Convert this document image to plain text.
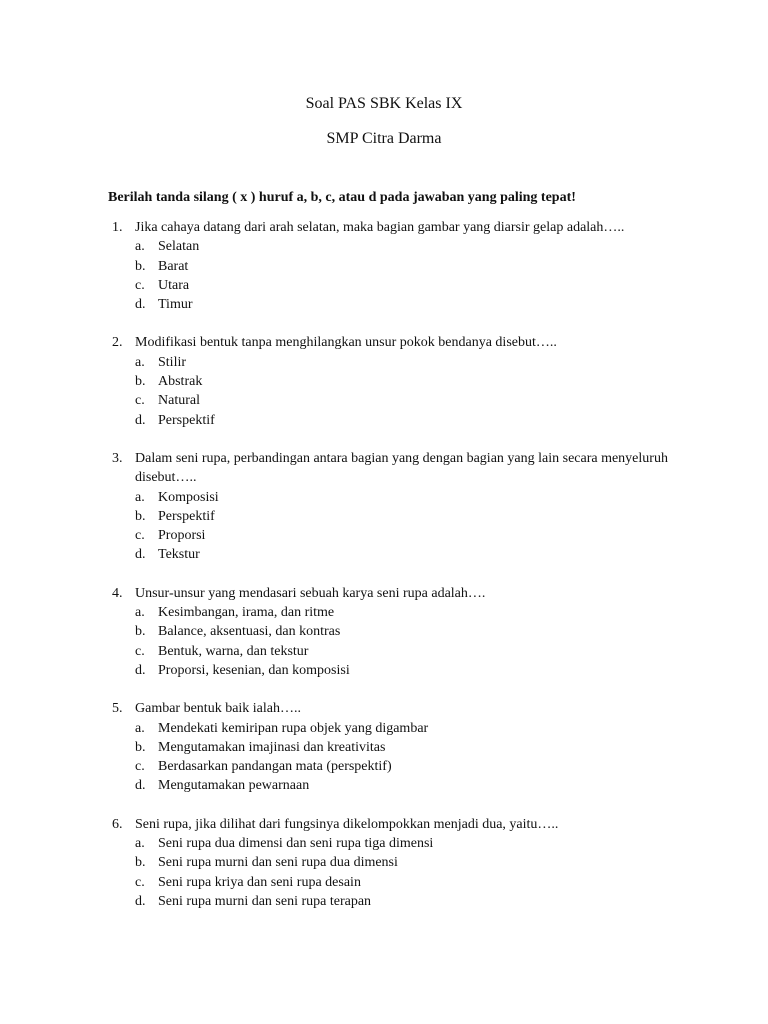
Soal PAS SBK Kelas IX
SMP Citra Darma

Berilah tanda silang ( x ) huruf a, b, c, atau d pada jawaban yang paling tepat!

1. Jika cahaya datang dari arah selatan, maka bagian gambar yang diarsir gelap adalah…..
a. Selatan
b. Barat
c. Utara
d. Timur
2. Modifikasi bentuk tanpa menghilangkan unsur pokok bendanya disebut…..
a. Stilir
b. Abstrak
c. Natural
d. Perspektif
3. Dalam seni rupa, perbandingan antara bagian yang dengan bagian yang lain secara menyeluruh disebut…..
a. Komposisi
b. Perspektif
c. Proporsi
d. Tekstur
4. Unsur-unsur yang mendasari sebuah karya seni rupa adalah….
a. Kesimbangan, irama, dan ritme
b. Balance, aksentuasi, dan kontras
c. Bentuk, warna, dan tekstur
d. Proporsi, kesenian, dan komposisi
5. Gambar bentuk baik ialah…..
a. Mendekati kemiripan rupa objek yang digambar
b. Mengutamakan imajinasi dan kreativitas
c. Berdasarkan pandangan mata (perspektif)
d. Mengutamakan pewarnaan
6. Seni rupa, jika dilihat dari fungsinya dikelompokkan menjadi dua, yaitu…..
a. Seni rupa dua dimensi dan seni rupa tiga dimensi
b. Seni rupa murni dan seni rupa dua dimensi
c. Seni rupa kriya dan seni rupa desain
d. Seni rupa murni dan seni rupa terapan
